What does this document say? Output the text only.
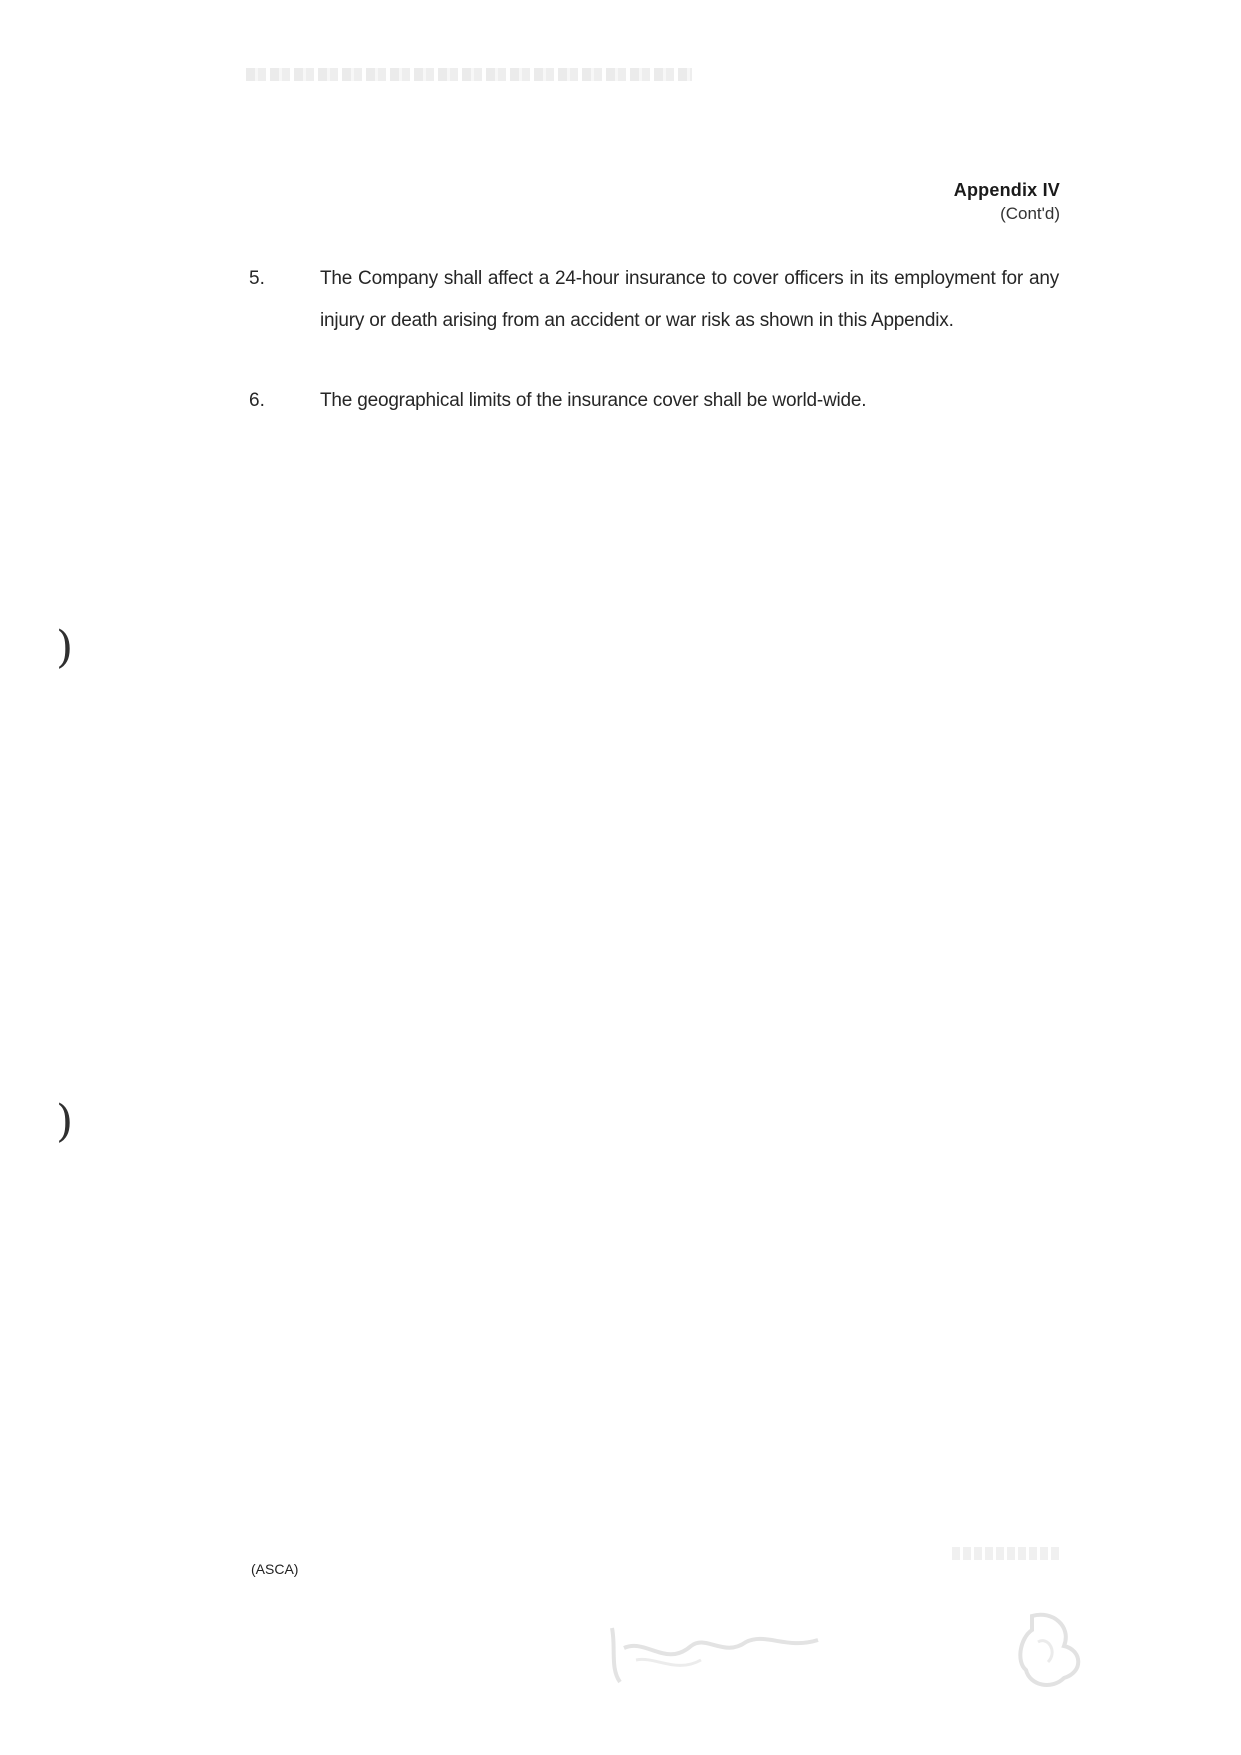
Appendix IV
(Cont'd)
5.	The Company shall affect a 24-hour insurance to cover officers in its employment for any injury or death arising from an accident or war risk as shown in this Appendix.
6.	The geographical limits of the insurance cover shall be world-wide.
)
)
(ASCA)
